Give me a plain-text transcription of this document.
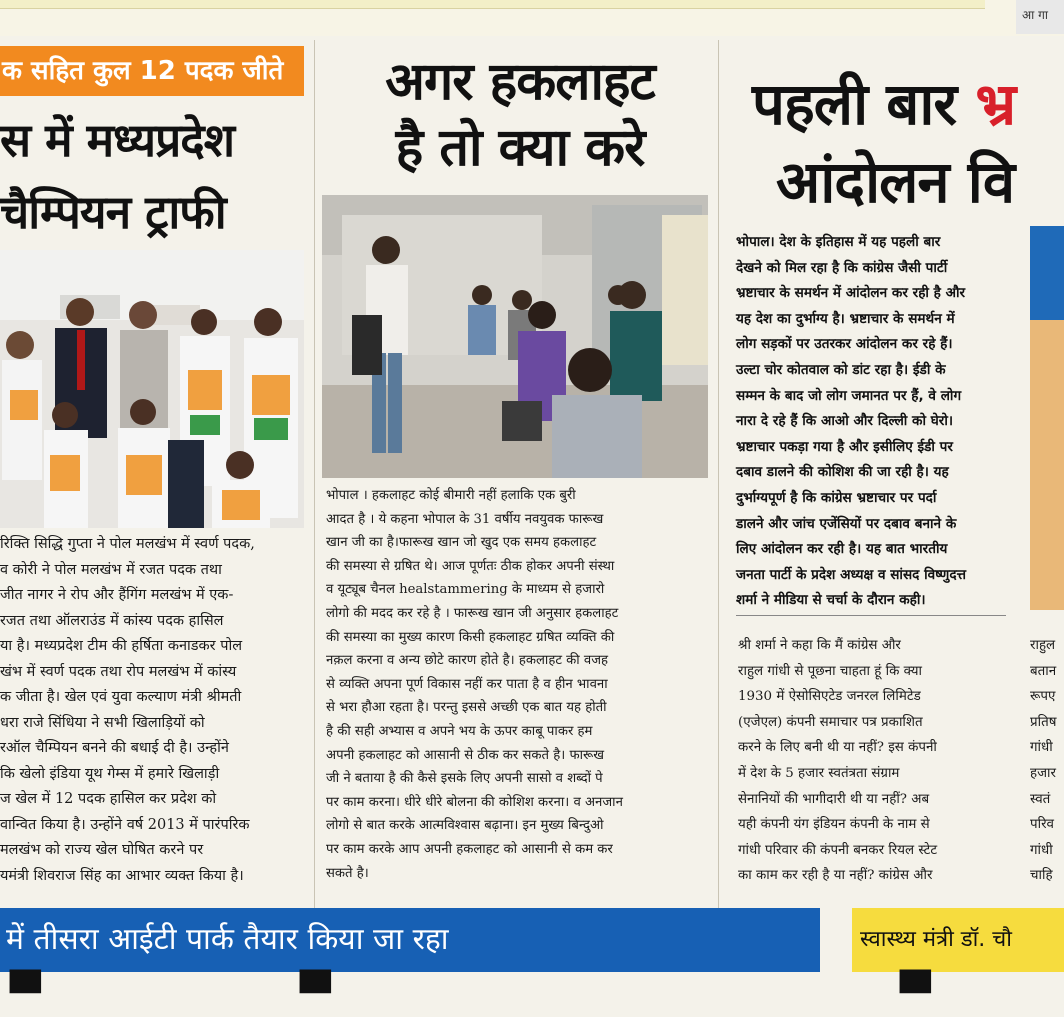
आ गा
क सहित कुल 12 पदक जीते
स में मध्यप्रदेश
चैम्पियन ट्राफी

रिक्ति सिद्धि गुप्ता ने पोल मलखंभ में स्वर्ण पदक,

व कोरी ने पोल मलखंभ में रजत पदक तथा

जीत नागर ने रोप और हैंगिंग मलखंभ में एक-

रजत तथा ऑलराउंड में कांस्य पदक हासिल

या है। मध्यप्रदेश टीम की हर्षिता कनाडकर पोल

खंभ में स्वर्ण पदक तथा रोप मलखंभ में कांस्य

क जीता है। खेल एवं युवा कल्याण मंत्री श्रीमती

धरा राजे सिंधिया ने सभी खिलाड़ियों को

रऑल चैम्पियन बनने की बधाई दी है। उन्होंने

कि खेलो इंडिया यूथ गेम्स में हमारे खिलाड़ी

ज खेल में 12 पदक हासिल कर प्रदेश को

वान्वित किया है। उन्होंने वर्ष 2013 में पारंपरिक

मलखंभ को राज्य खेल घोषित करने पर

यमंत्री शिवराज सिंह का आभार व्यक्त किया है।

अगर हकलाहट
है तो क्या करे

भोपाल । हकलाहट कोई बीमारी नहीं हलाकि एक बुरी

आदत है । ये कहना भोपाल के 31 वर्षीय नवयुवक फारूख

खान जी का है।फारूख खान जो खुद एक समय हकलाहट

की समस्या से ग्रषित थे। आज पूर्णतः ठीक होकर अपनी संस्था

व यूट्यूब चैनल healstammering के माध्यम से हजारो

लोगो की मदद कर रहे है । फारूख खान जी अनुसार हकलाहट

की समस्या का मुख्य कारण किसी हकलाहट ग्रषित व्यक्ति की

नक़ल करना व अन्य छोटे कारण होते है। हकलाहट की वजह

से व्यक्ति अपना पूर्ण विकास नहीं कर पाता है व हीन भावना

से भरा हौआ रहता है। परन्तु इससे अच्छी एक बात यह होती

है की सही अभ्यास व अपने भय के ऊपर काबू पाकर हम

अपनी हकलाहट को आसानी से ठीक कर सकते है। फारूख

जी ने बताया है की कैसे इसके लिए अपनी सासो व शब्दों पे

पर काम करना। धीरे धीरे बोलना की कोशिश करना। व अनजान

लोगो से बात करके आत्मविश्वास बढ़ाना। इन मुख्य बिन्दुओ

पर काम करके आप अपनी हकलाहट को आसानी से कम कर

सकते है।

पहली बार भ्र
आंदोलन वि

भोपाल। देश के इतिहास में यह पहली बार

देखने को मिल रहा है कि कांग्रेस जैसी पार्टी

भ्रष्टाचार के समर्थन में आंदोलन कर रही है और

यह देश का दुर्भाग्य है। भ्रष्टाचार के समर्थन में

लोग सड़कों पर उतरकर आंदोलन कर रहे हैं।

उल्टा चोर कोतवाल को डांट रहा है। ईडी के

सम्मन के बाद जो लोग जमानत पर हैं, वे लोग

नारा दे रहे हैं कि आओ और दिल्ली को घेरो।

भ्रष्टाचार पकड़ा गया है और इसीलिए ईडी पर

दबाव डालने की कोशिश की जा रही है। यह

दुर्भाग्यपूर्ण है कि कांग्रेस भ्रष्टाचार पर पर्दा

डालने और जांच एजेंसियों पर दबाव बनाने के

लिए आंदोलन कर रही है। यह बात भारतीय

जनता पार्टी के प्रदेश अध्यक्ष व सांसद विष्णुदत्त

शर्मा ने मीडिया से चर्चा के दौरान कही।

श्री शर्मा ने कहा कि मैं कांग्रेस और

राहुल गांधी से पूछना चाहता हूं कि क्या

1930 में ऐसोसिएटेड जनरल लिमिटेड

(एजेएल) कंपनी समाचार पत्र प्रकाशित

करने के लिए बनी थी या नहीं? इस कंपनी

में देश के 5 हजार स्वतंत्रता संग्राम

सेनानियों की भागीदारी थी या नहीं? अब

यही कंपनी यंग इंडियन कंपनी के नाम से

गांधी परिवार की कंपनी बनकर रियल स्टेट

का काम कर रही है या नहीं? कांग्रेस और

राहुल

बतान

रूपए

प्रतिष

गांधी

हजार

स्वतं

परिव

गांधी

चाहि

में तीसरा आईटी पार्क तैयार किया जा रहा	स्वास्थ्य मंत्री डॉ. चौ
▀	▀	▀
